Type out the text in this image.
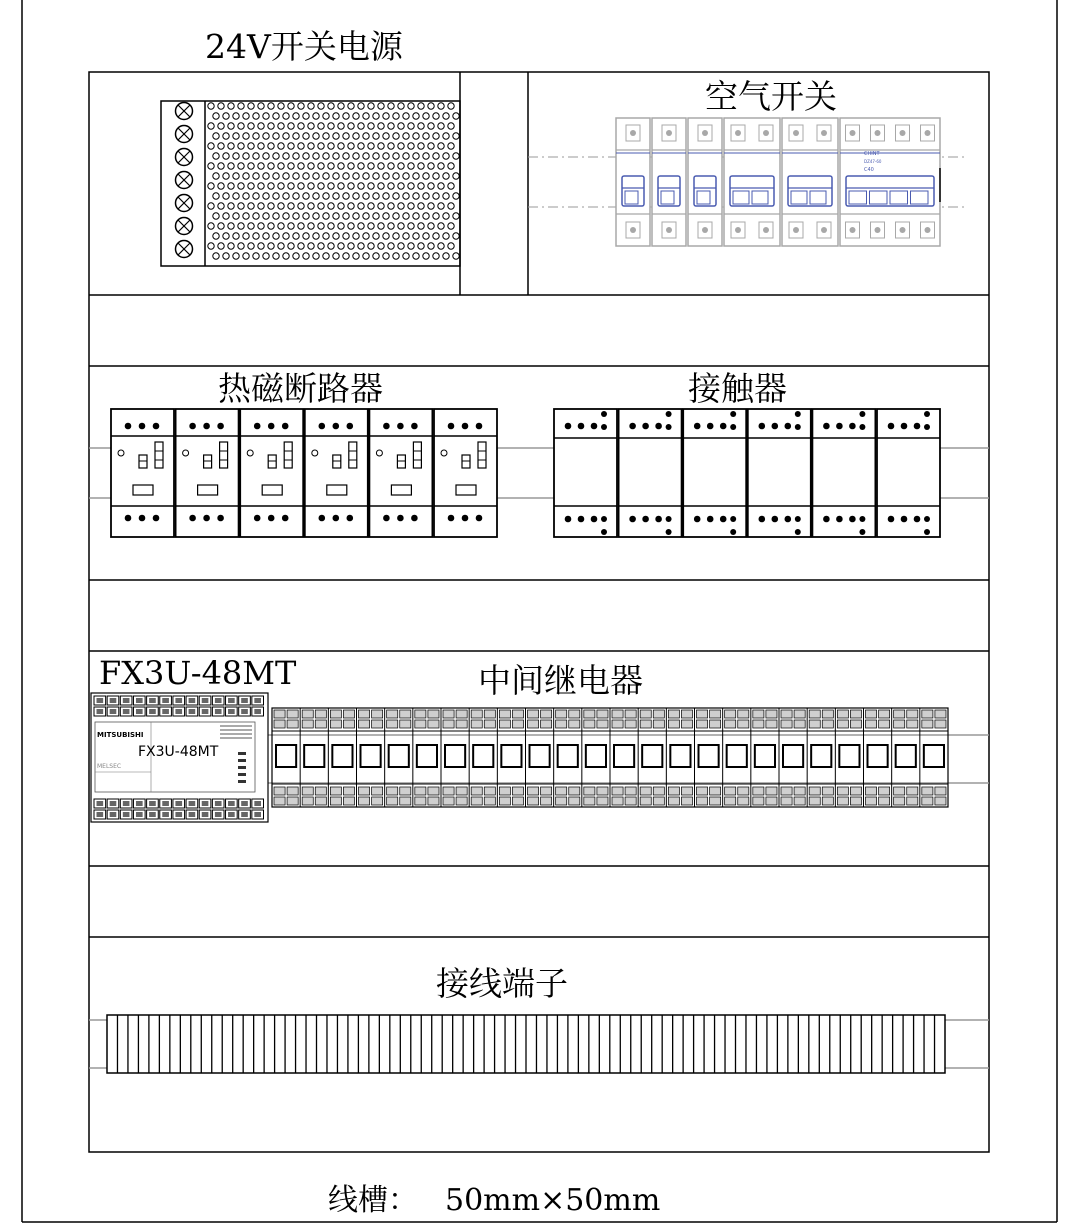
24V开关电源
空气开关
热磁断路器	接触器
FX3U-48MT	中间继电器
接线端子
线槽： 50mm×50mm
CHINT
DZ47-60
C40
MITSUBISHI
FX3U-48MT
MELSEC
